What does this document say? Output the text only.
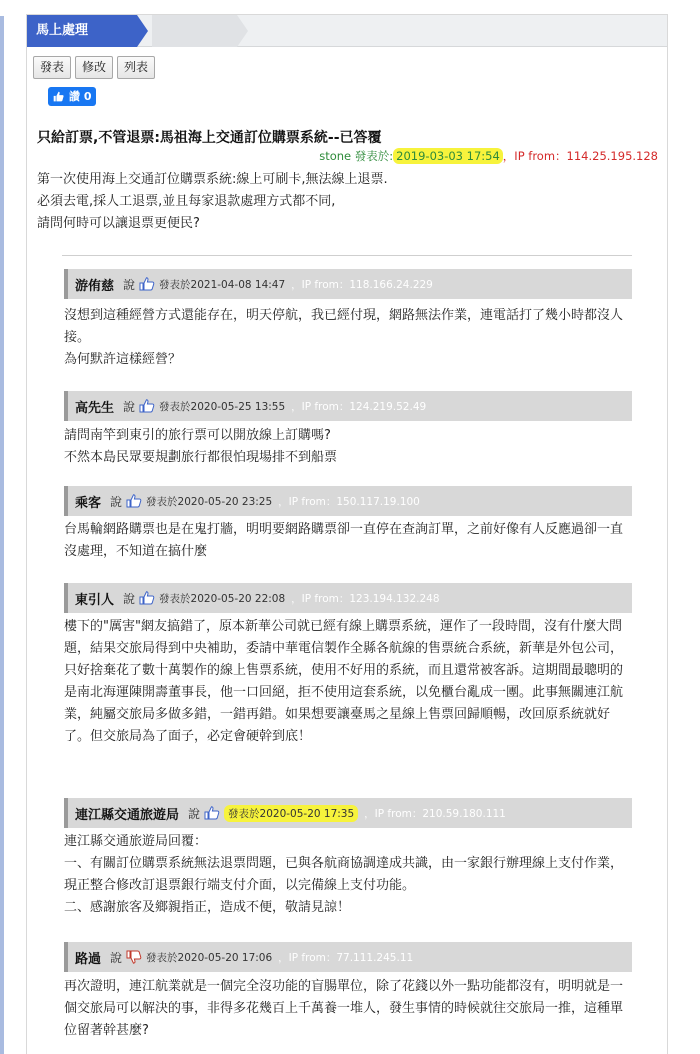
馬上處理
發表	修改	列表
讚 0
只給訂票,不管退票:馬祖海上交通訂位購票系統--已答覆
stone 發表於: 2019-03-03 17:54 ，IP from：114.25.195.128
第一次使用海上交通訂位購票系統:線上可刷卡,無法線上退票.
必須去電,採人工退票,並且每家退款處理方式都不同,
請問何時可以讓退票更便民?
游侑慈 說 發表於2021-04-08 14:47 ，IP from：118.166.24.229
沒想到這種經營方式還能存在，明天停航，我已經付現，網路無法作業，連電話打了幾小時都沒人接。
為何默許這樣經營？
高先生 說 發表於2020-05-25 13:55 ，IP from：124.219.52.49
請問南竿到東引的旅行票可以開放線上訂購嗎?
不然本島民眾要規劃旅行都很怕現場排不到船票
乘客 說 發表於2020-05-20 23:25 ，IP from：150.117.19.100
台馬輪網路購票也是在鬼打牆，明明要網路購票卻一直停在查詢訂單，之前好像有人反應過卻一直沒處理，不知道在搞什麼
東引人 說 發表於2020-05-20 22:08 ，IP from：123.194.132.248
樓下的"厲害"網友搞錯了，原本新華公司就已經有線上購票系統，運作了一段時間，沒有什麼大問題，結果交旅局得到中央補助，委請中華電信製作全縣各航線的售票統合系統，新華是外包公司，只好捨棄花了數十萬製作的線上售票系統，使用不好用的系統，而且還常被客訴。這期間最聰明的是南北海運陳開壽董事長，他一口回絕，拒不使用這套系統，以免櫃台亂成一團。此事無關連江航業，純屬交旅局多做多錯，一錯再錯。如果想要讓臺馬之星線上售票回歸順暢，改回原系統就好了。但交旅局為了面子，必定會硬幹到底！
連江縣交通旅遊局 說	發表於2020-05-20 17:35 ，IP from：210.59.180.111
連江縣交通旅遊局回覆：
一、有關訂位購票系統無法退票問題，已與各航商協調達成共識，由一家銀行辦理線上支付作業，現正整合修改訂退票銀行端支付介面，以完備線上支付功能。
二、感謝旅客及鄉親指正，造成不便，敬請見諒！
路過 說 發表於2020-05-20 17:06 ，IP from：77.111.245.11
再次證明，連江航業就是一個完全沒功能的盲腸單位，除了花錢以外一點功能都沒有，明明就是一個交旅局可以解決的事，非得多花幾百上千萬養一堆人，發生事情的時候就往交旅局一推，這種單位留著幹甚麼?
